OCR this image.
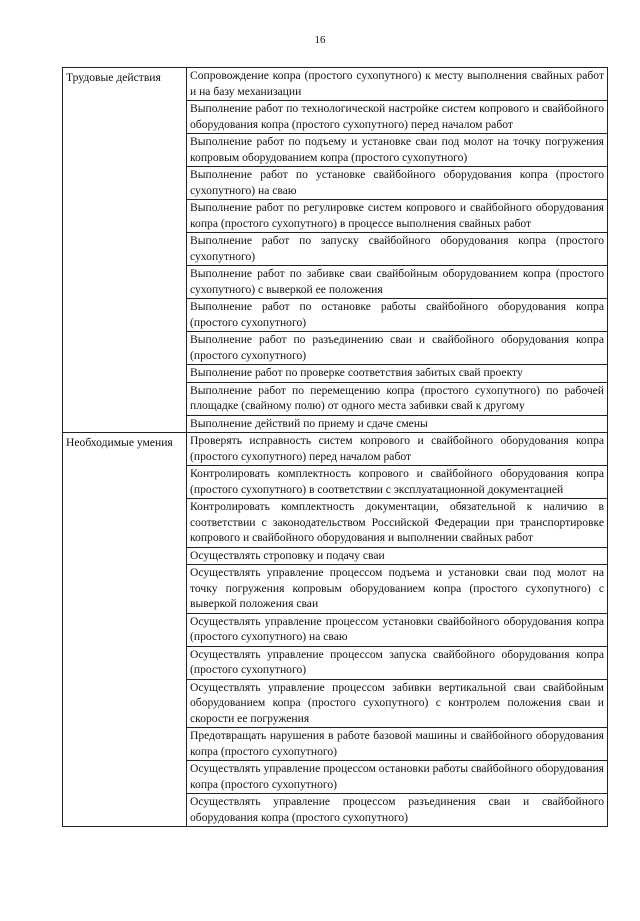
16
Трудовые действия	Сопровождение копра (простого сухопутного) к месту выполнения свайных работ и на базу механизации
	Выполнение работ по технологической настройке систем копрового и свайбойного оборудования копра (простого сухопутного) перед началом работ
	Выполнение работ по подъему и установке сваи под молот на точку погружения копровым оборудованием копра (простого сухопутного)
	Выполнение работ по установке свайбойного оборудования копра (простого сухопутного) на сваю
	Выполнение работ по регулировке систем копрового и свайбойного оборудования копра (простого сухопутного) в процессе выполнения свайных работ
	Выполнение работ по запуску свайбойного оборудования копра (простого сухопутного)
	Выполнение работ по забивке сваи свайбойным оборудованием копра (простого сухопутного) с выверкой ее положения
	Выполнение работ по остановке работы свайбойного оборудования копра (простого сухопутного)
	Выполнение работ по разъединению сваи и свайбойного оборудования копра (простого сухопутного)
	Выполнение работ по проверке соответствия забитых свай проекту
	Выполнение работ по перемещению копра (простого сухопутного) по рабочей площадке (свайному полю) от одного места забивки свай к другому
	Выполнение действий по приему и сдаче смены
Необходимые умения	Проверять исправность систем копрового и свайбойного оборудования копра (простого сухопутного) перед началом работ
	Контролировать комплектность копрового и свайбойного оборудования копра (простого сухопутного) в соответствии с эксплуатационной документацией
	Контролировать комплектность документации, обязательной к наличию в соответствии с законодательством Российской Федерации при транспортировке копрового и свайбойного оборудования и выполнении свайных работ
	Осуществлять строповку и подачу сваи
	Осуществлять управление процессом подъема и установки сваи под молот на точку погружения копровым оборудованием копра (простого сухопутного) с выверкой положения сваи
	Осуществлять управление процессом установки свайбойного оборудования копра (простого сухопутного) на сваю
	Осуществлять управление процессом запуска свайбойного оборудования копра (простого сухопутного)
	Осуществлять управление процессом забивки вертикальной сваи свайбойным оборудованием копра (простого сухопутного) с контролем положения сваи и скорости ее погружения
	Предотвращать нарушения в работе базовой машины и свайбойного оборудования копра (простого сухопутного)
	Осуществлять управление процессом остановки работы свайбойного оборудования копра (простого сухопутного)
	Осуществлять управление процессом разъединения сваи и свайбойного оборудования копра (простого сухопутного)
